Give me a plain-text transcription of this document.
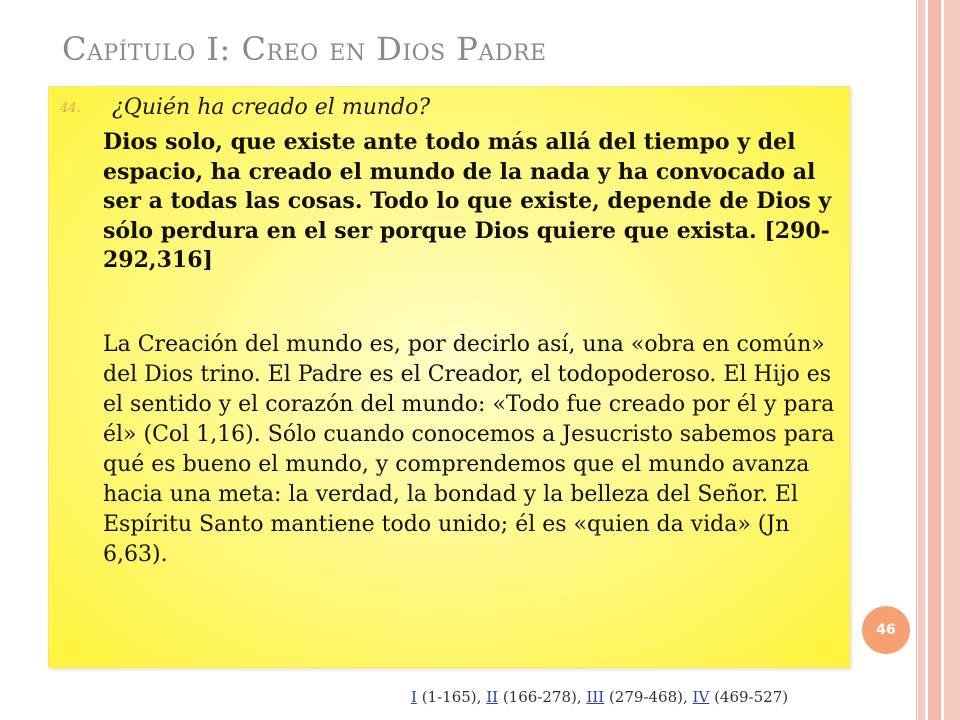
Capítulo I: Creo en Dios Padre
44. ¿Quién ha creado el mundo?

Dios solo, que existe ante todo más allá del tiempo y del espacio, ha creado el mundo de la nada y ha convocado al ser a todas las cosas. Todo lo que existe, depende de Dios y sólo perdura en el ser porque Dios quiere que exista. [290-292,316]

La Creación del mundo es, por decirlo así, una «obra en común» del Dios trino. El Padre es el Creador, el todopoderoso. El Hijo es el sentido y el corazón del mundo: «Todo fue creado por él y para él» (Col 1,16). Sólo cuando conocemos a Jesucristo sabemos para qué es bueno el mundo, y comprendemos que el mundo avanza hacia una meta: la verdad, la bondad y la belleza del Señor. El Espíritu Santo mantiene todo unido; él es «quien da vida» (Jn 6,63).

46
I (1-165), II (166-278), III (279-468), IV (469-527)
